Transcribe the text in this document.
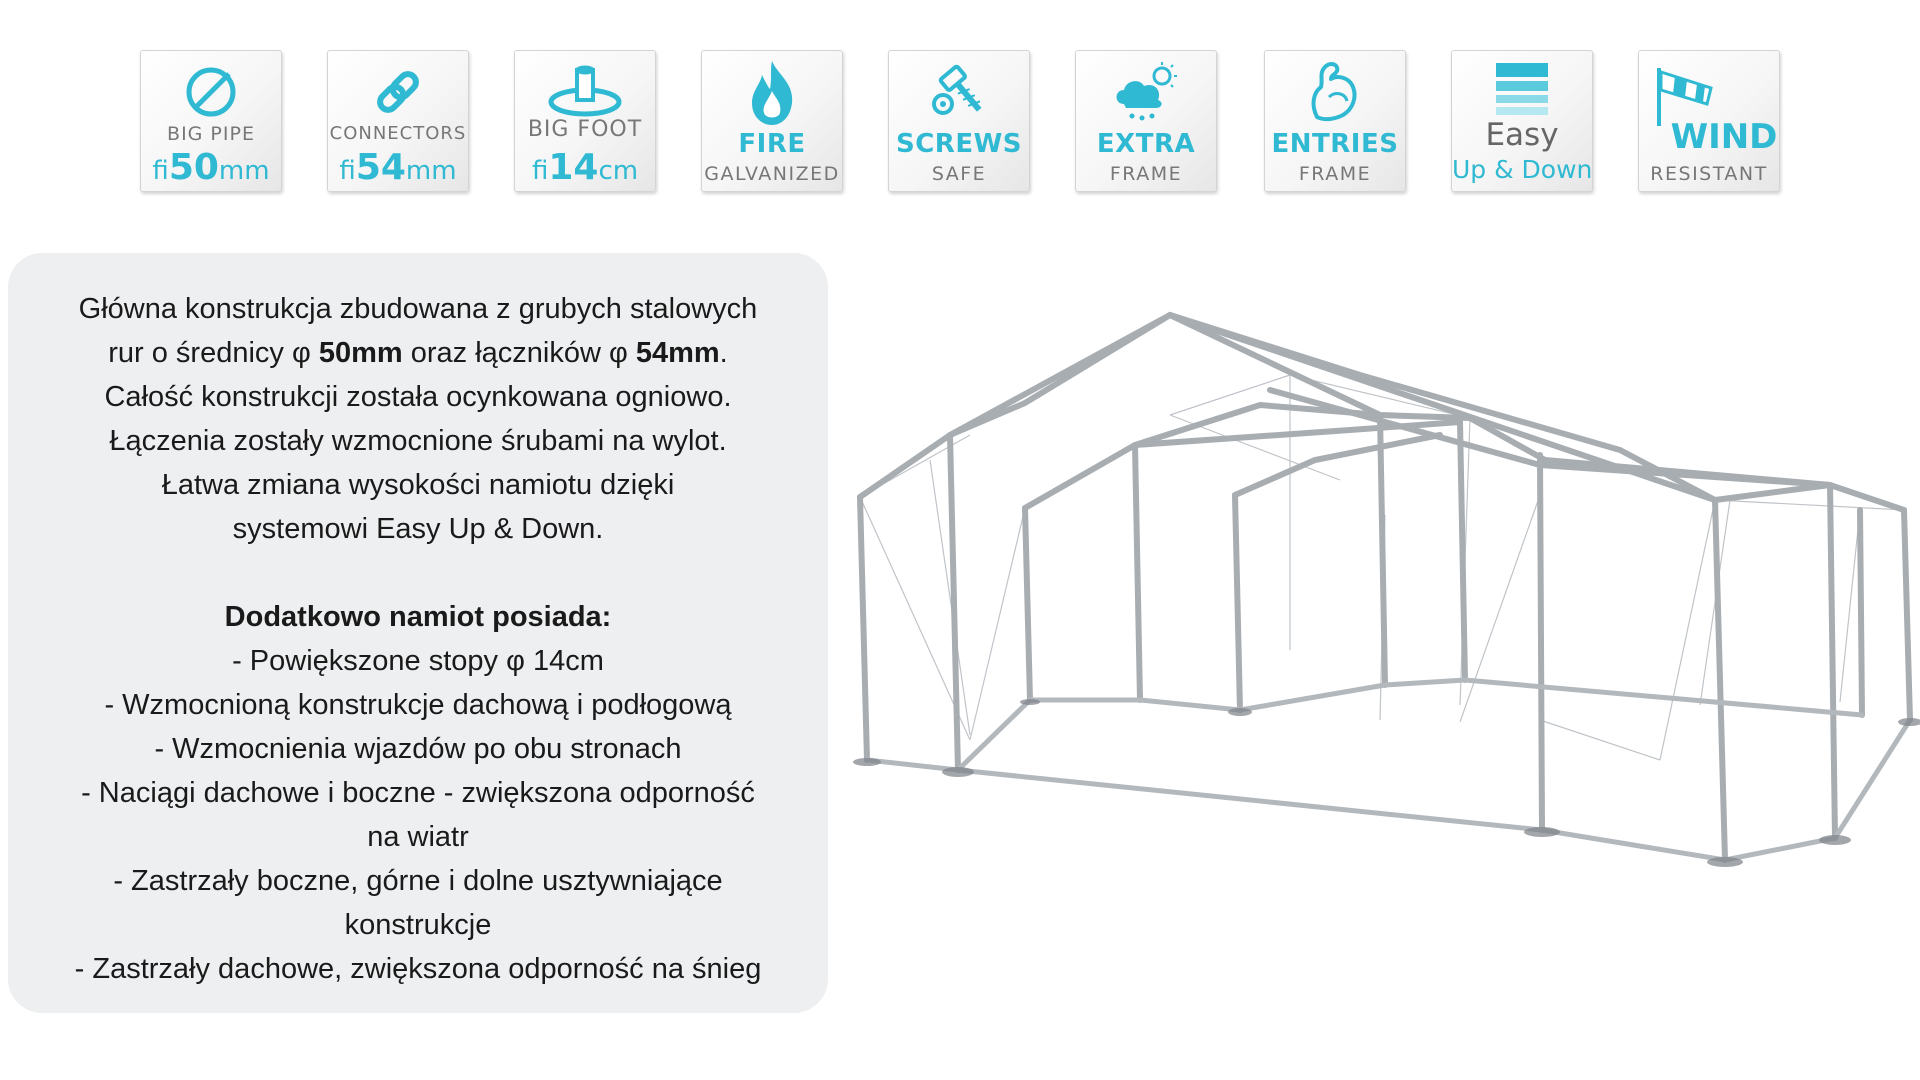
BIG PIPE
fi50mm
CONNECTORS
fi54mm
BIG FOOT
fi14cm
FIRE
GALVANIZED
SCREWS
SAFE
EXTRA
FRAME
ENTRIES
FRAME
Easy
Up & Down
WIND
RESISTANT
Główna konstrukcja zbudowana z grubych stalowych
rur o średnicy φ 50mm oraz łączników φ 54mm.
Całość konstrukcji została ocynkowana ogniowo.
Łączenia zostały wzmocnione śrubami na wylot.
Łatwa zmiana wysokości namiotu dzięki
systemowi Easy Up & Down.
Dodatkowo namiot posiada:
- Powiększone stopy φ 14cm
- Wzmocnioną konstrukcje dachową i podłogową
- Wzmocnienia wjazdów po obu stronach
- Naciągi dachowe i boczne - zwiększona odporność
na wiatr
- Zastrzały boczne, górne i dolne usztywniające
konstrukcje
- Zastrzały dachowe, zwiększona odporność na śnieg
